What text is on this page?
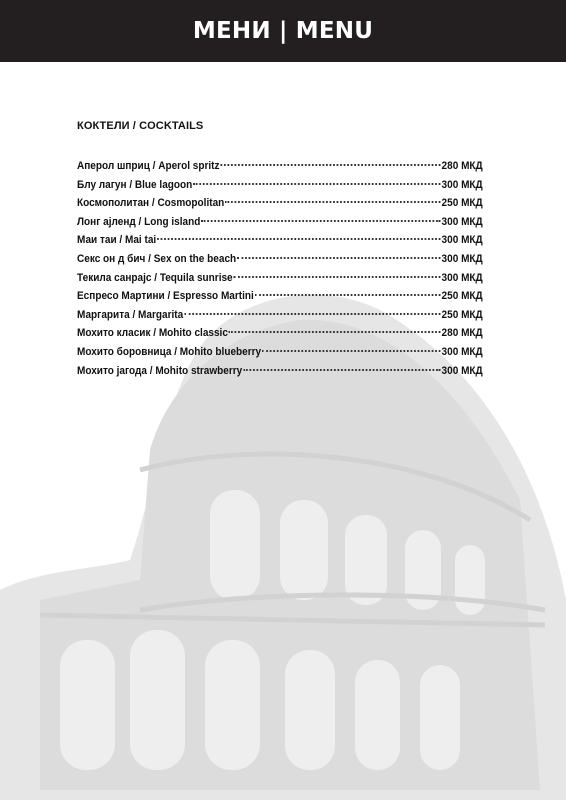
МЕНИ | MENU
КОКТЕЛИ / COCKTAILS
Аперол шприц / Aperol spritz	280 МКД
Блу лагун / Blue lagoon	300 МКД
Космополитан / Cosmopolitan	250 МКД
Лонг ајленд / Long island	300 МКД
Маи таи / Mai tai	300 МКД
Секс он д бич / Sex on the beach	300 МКД
Текила санрајс / Tequila sunrise	300 МКД
Еспресо Мартини / Espresso Martini	250 МКД
Маргарита / Margarita	250 МКД
Мохито класик / Mohito classic	280 МКД
Мохито боровница / Mohito blueberry	300 МКД
Мохито јагода / Mohito strawberry	300 МКД
